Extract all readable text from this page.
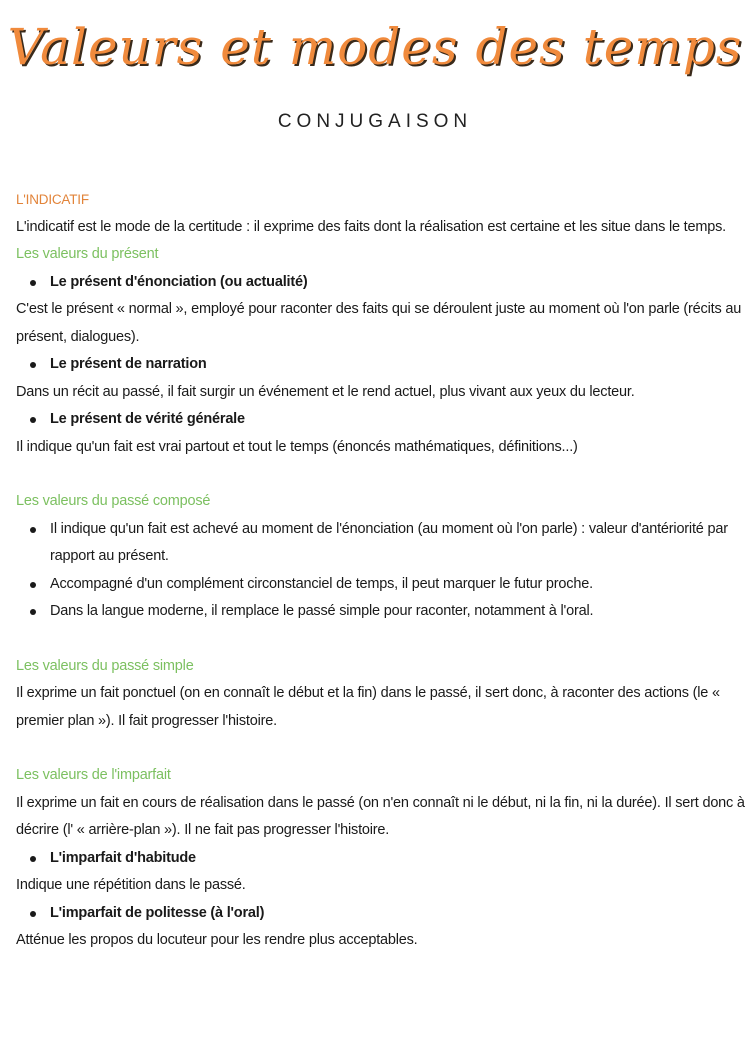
Valeurs et modes des temps
CONJUGAISON

L'INDICATIF

L'indicatif est le mode de la certitude : il exprime des faits dont la réalisation est certaine et les situe dans le temps.

Les valeurs du présent

Le présent d'énonciation (ou actualité)

C'est le présent « normal », employé pour raconter des faits qui se déroulent juste au moment où l'on parle (récits au présent, dialogues).

Le présent de narration

Dans un récit au passé, il fait surgir un événement et le rend actuel, plus vivant aux yeux du lecteur.

Le présent de vérité générale

Il indique qu'un fait est vrai partout et tout le temps (énoncés mathématiques, définitions...)

Les valeurs du passé composé

Il indique qu'un fait est achevé au moment de l'énonciation (au moment où l'on parle) : valeur d'antériorité par rapport au présent.
Accompagné d'un complément circonstanciel de temps, il peut marquer le futur proche.
Dans la langue moderne, il remplace le passé simple pour raconter, notamment à l'oral.

Les valeurs du passé simple

Il exprime un fait ponctuel (on en connaît le début et la fin) dans le passé, il sert donc, à raconter des actions (le « premier plan »). Il fait progresser l'histoire.

Les valeurs de l'imparfait

Il exprime un fait en cours de réalisation dans le passé (on n'en connaît ni le début, ni la fin, ni la durée). Il sert donc à décrire (l' « arrière-plan »). Il ne fait pas progresser l'histoire.

L'imparfait d'habitude

Indique une répétition dans le passé.

L'imparfait de politesse (à l'oral)

Atténue les propos du locuteur pour les rendre plus acceptables.
